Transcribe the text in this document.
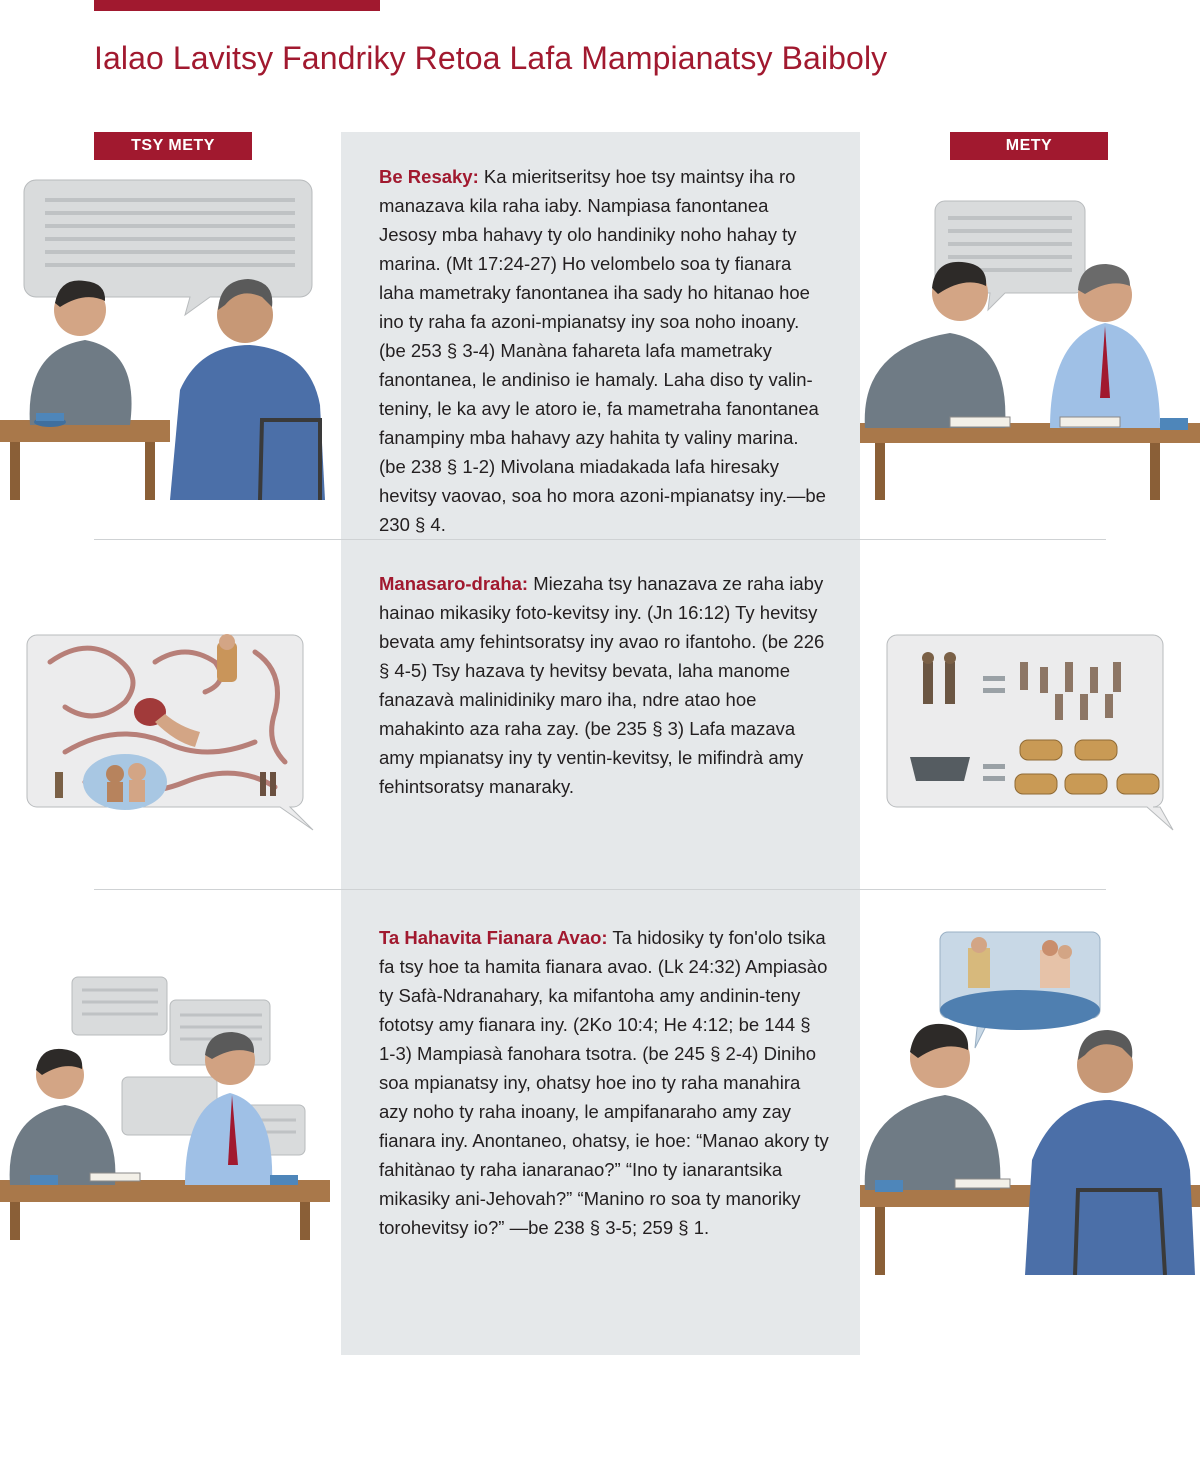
Ialao Lavitsy Fandriky Retoa Lafa Mampianatsy Baiboly
TSY METY	METY
Be Resaky: Ka mieritseritsy hoe tsy maintsy iha ro manazava kila raha iaby. Nampiasa fanontanea Jesosy mba hahavy ty olo handiniky noho hahay ty marina. (Mt 17:24-27) Ho velombelo soa ty fianara laha mametraky fanontanea iha sady ho hitanao hoe ino ty raha fa azoni-mpianatsy iny soa noho inoany. (be 253 § 3-4) Manàna fahareta lafa mametraky fanontanea, le andiniso ie hamaly. Laha diso ty valin-teniny, le ka avy le atoro ie, fa mametraha fanontanea fanampiny mba hahavy azy hahita ty valiny marina. (be 238 § 1-2) Mivolana miadakada lafa hiresaky hevitsy vaovao, soa ho mora azoni-mpianatsy iny.—be 230 § 4.
Manasaro-draha: Miezaha tsy hanazava ze raha iaby hainao mikasiky foto-kevitsy iny. (Jn 16:12) Ty hevitsy bevata amy fehintsoratsy iny avao ro ifantoho. (be 226 § 4-5) Tsy hazava ty hevitsy bevata, laha manome fanazavà malinidiniky maro iha, ndre atao hoe mahakinto aza raha zay. (be 235 § 3) Lafa mazava amy mpianatsy iny ty ventin-kevitsy, le mifindrà amy fehintsoratsy manaraky.
Ta Hahavita Fianara Avao: Ta hidosiky ty fon'olo tsika fa tsy hoe ta hamita fianara avao. (Lk 24:32) Ampiasào ty Safà-Ndranahary, ka mifantoha amy andinin-teny fototsy amy fianara iny. (2Ko 10:4; He 4:12; be 144 § 1-3) Mampiasà fanohara tsotra. (be 245 § 2-4) Diniho soa mpianatsy iny, ohatsy hoe ino ty raha manahira azy noho ty raha inoany, le ampifanaraho amy zay fianara iny. Anontaneo, ohatsy, ie hoe: “Manao akory ty fahitànao ty raha ianaranao?” “Ino ty ianarantsika mikasiky ani-Jehovah?” “Manino ro soa ty manoriky torohevitsy io?” —be 238 § 3-5; 259 § 1.
